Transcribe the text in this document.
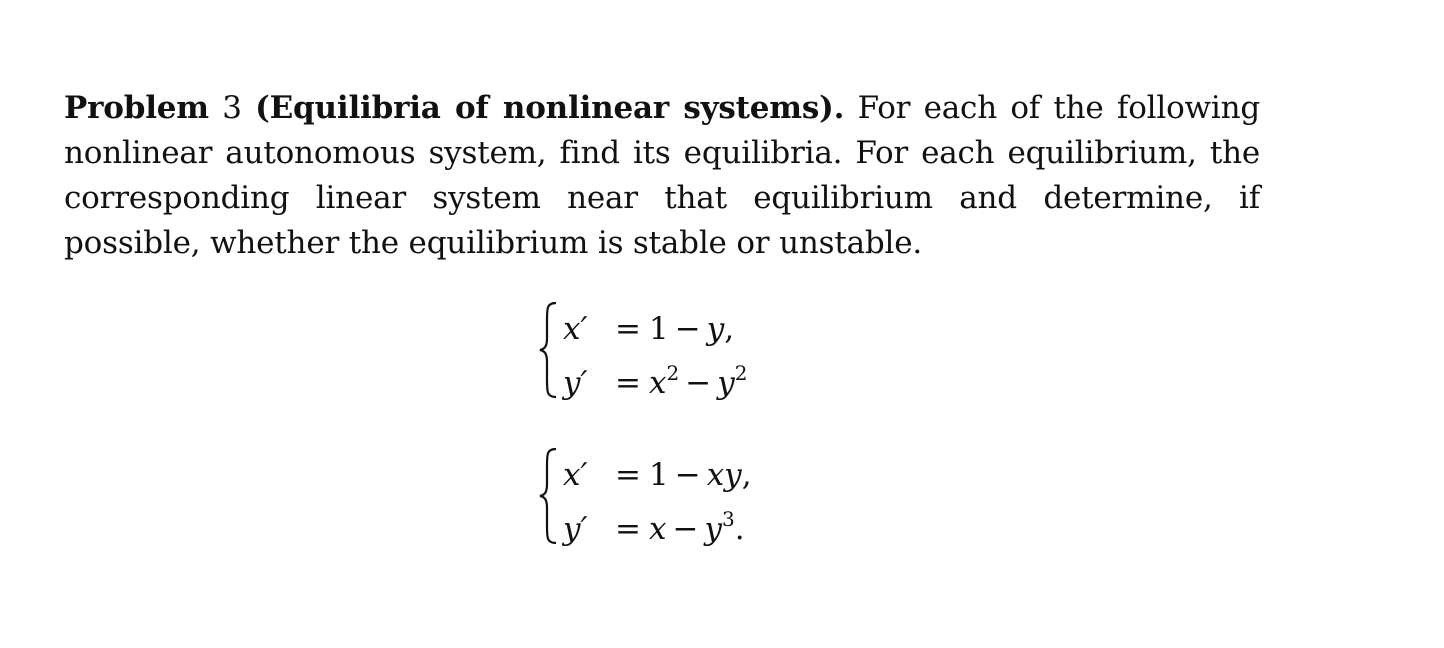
Problem 3 (Equilibria of nonlinear systems). For each of the following nonlinear autonomous system, find its equilibria. For each equilibrium, the corresponding linear system near that equilibrium and determine, if possible, whether the equilibrium is stable or unstable.
x′ = 1 − y,
$y' = x^2 - y^2$
x′ = 1 − xy,
$y' = x - y^3$.
